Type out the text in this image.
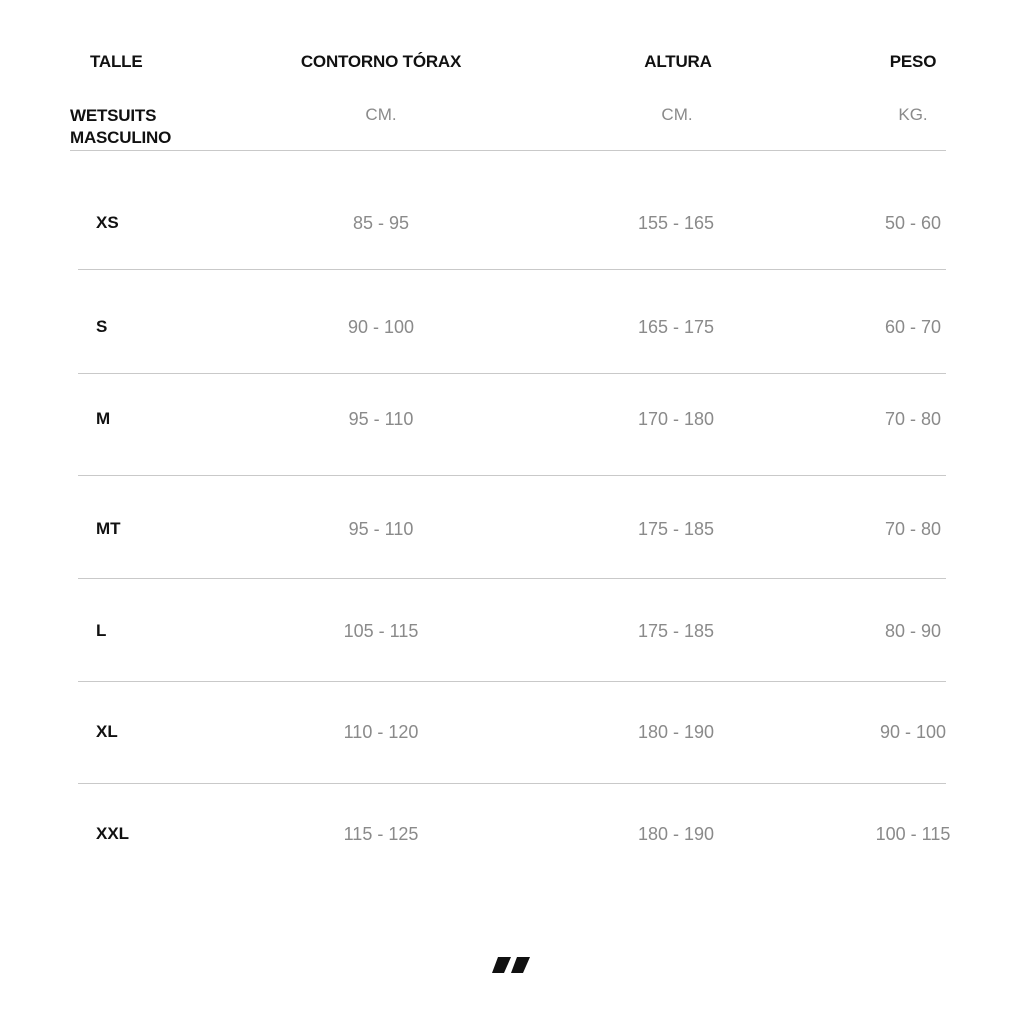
TALLE	CONTORNO TÓRAX	ALTURA	PESO
WETSUITS
MASCULINO
CM.	CM.	KG.
XS	85 - 95	155 - 165	50 - 60
S	90 - 100	165 - 175	60 - 70
M	95 - 110	170 - 180	70 - 80
MT	95 - 110	175 - 185	70 - 80
L	105 - 115	175 - 185	80 - 90
XL	110 - 120	180 - 190	90 - 100
XXL	115 - 125	180 - 190	100 - 115
